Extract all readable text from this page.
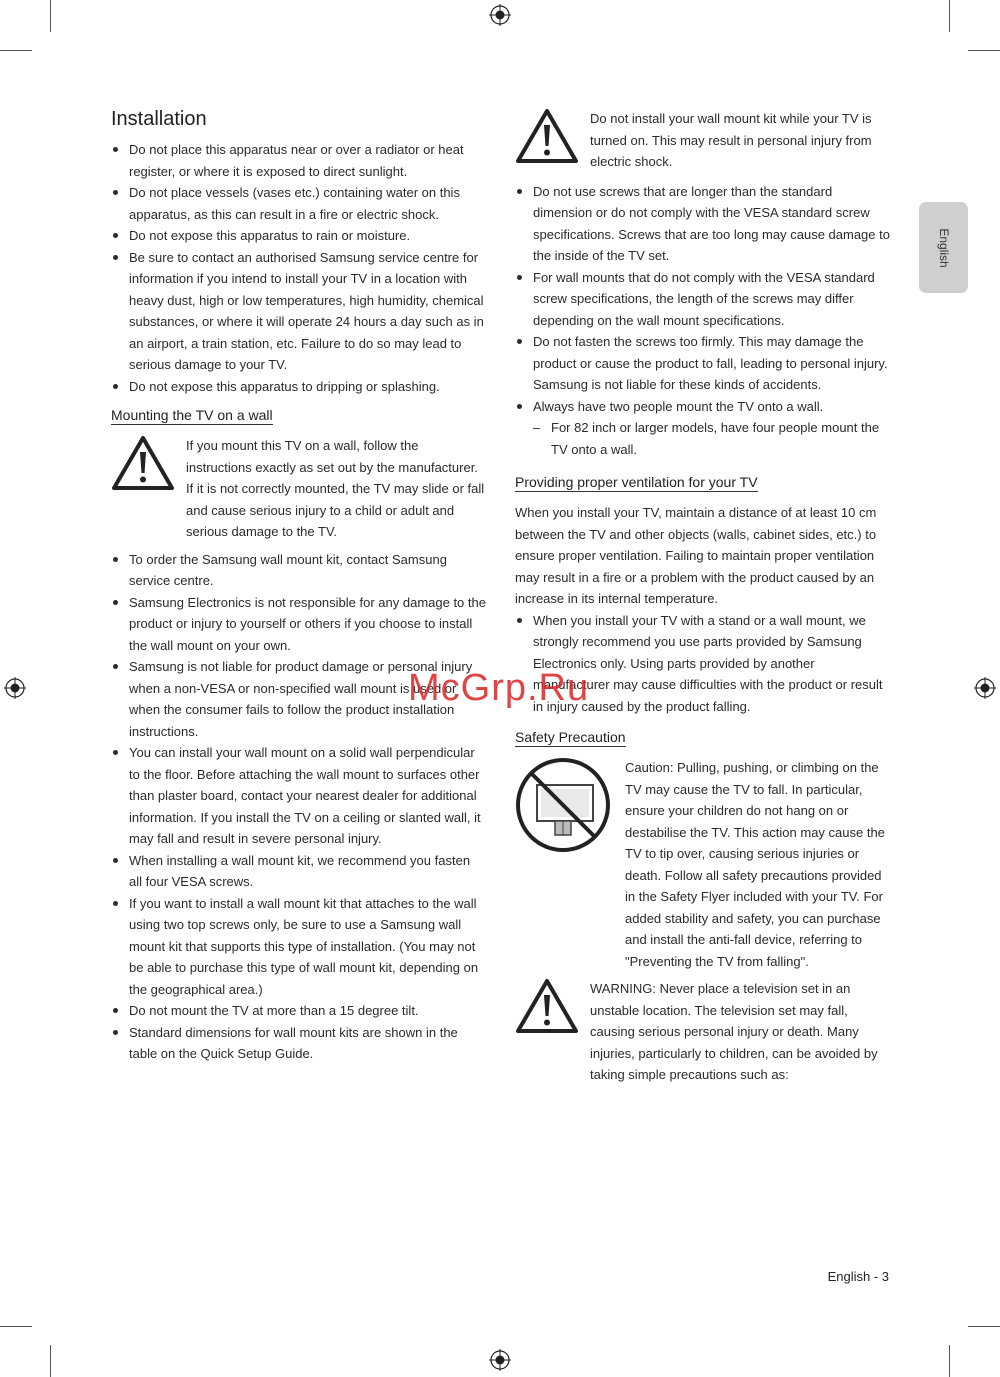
English
Installation
Do not place this apparatus near or over a radiator or heat register, or where it is exposed to direct sunlight.
Do not place vessels (vases etc.) containing water on this apparatus, as this can result in a fire or electric shock.
Do not expose this apparatus to rain or moisture.
Be sure to contact an authorised Samsung service centre for information if you intend to install your TV in a location with heavy dust, high or low temperatures, high humidity, chemical substances, or where it will operate 24 hours a day such as in an airport, a train station, etc. Failure to do so may lead to serious damage to your TV.
Do not expose this apparatus to dripping or splashing.
Mounting the TV on a wall
If you mount this TV on a wall, follow the instructions exactly as set out by the manufacturer. If it is not correctly mounted, the TV may slide or fall and cause serious injury to a child or adult and serious damage to the TV.
To order the Samsung wall mount kit, contact Samsung service centre.
Samsung Electronics is not responsible for any damage to the product or injury to yourself or others if you choose to install the wall mount on your own.
Samsung is not liable for product damage or personal injury when a non-VESA or non-specified wall mount is used or when the consumer fails to follow the product installation instructions.
You can install your wall mount on a solid wall perpendicular to the floor. Before attaching the wall mount to surfaces other than plaster board, contact your nearest dealer for additional information. If you install the TV on a ceiling or slanted wall, it may fall and result in severe personal injury.
When installing a wall mount kit, we recommend you fasten all four VESA screws.
If you want to install a wall mount kit that attaches to the wall using two top screws only, be sure to use a Samsung wall mount kit that supports this type of installation. (You may not be able to purchase this type of wall mount kit, depending on the geographical area.)
Do not mount the TV at more than a 15 degree tilt.
Standard dimensions for wall mount kits are shown in the table on the Quick Setup Guide.
Do not install your wall mount kit while your TV is turned on. This may result in personal injury from electric shock.
Do not use screws that are longer than the standard dimension or do not comply with the VESA standard screw specifications. Screws that are too long may cause damage to the inside of the TV set.
For wall mounts that do not comply with the VESA standard screw specifications, the length of the screws may differ depending on the wall mount specifications.
Do not fasten the screws too firmly. This may damage the product or cause the product to fall, leading to personal injury. Samsung is not liable for these kinds of accidents.
Always have two people mount the TV onto a wall.
– For 82 inch or larger models, have four people mount the TV onto a wall.
Providing proper ventilation for your TV

When you install your TV, maintain a distance of at least 10 cm between the TV and other objects (walls, cabinet sides, etc.) to ensure proper ventilation. Failing to maintain proper ventilation may result in a fire or a problem with the product caused by an increase in its internal temperature.

When you install your TV with a stand or a wall mount, we strongly recommend you use parts provided by Samsung Electronics only. Using parts provided by another manufacturer may cause difficulties with the product or result in injury caused by the product falling.
Safety Precaution
Caution: Pulling, pushing, or climbing on the TV may cause the TV to fall. In particular, ensure your children do not hang on or destabilise the TV. This action may cause the TV to tip over, causing serious injuries or death. Follow all safety precautions provided in the Safety Flyer included with your TV. For added stability and safety, you can purchase and install the anti-fall device, referring to "Preventing the TV from falling".
WARNING: Never place a television set in an unstable location. The television set may fall, causing serious personal injury or death. Many injuries, particularly to children, can be avoided by taking simple precautions such as:
McGrp.Ru
English - 3
